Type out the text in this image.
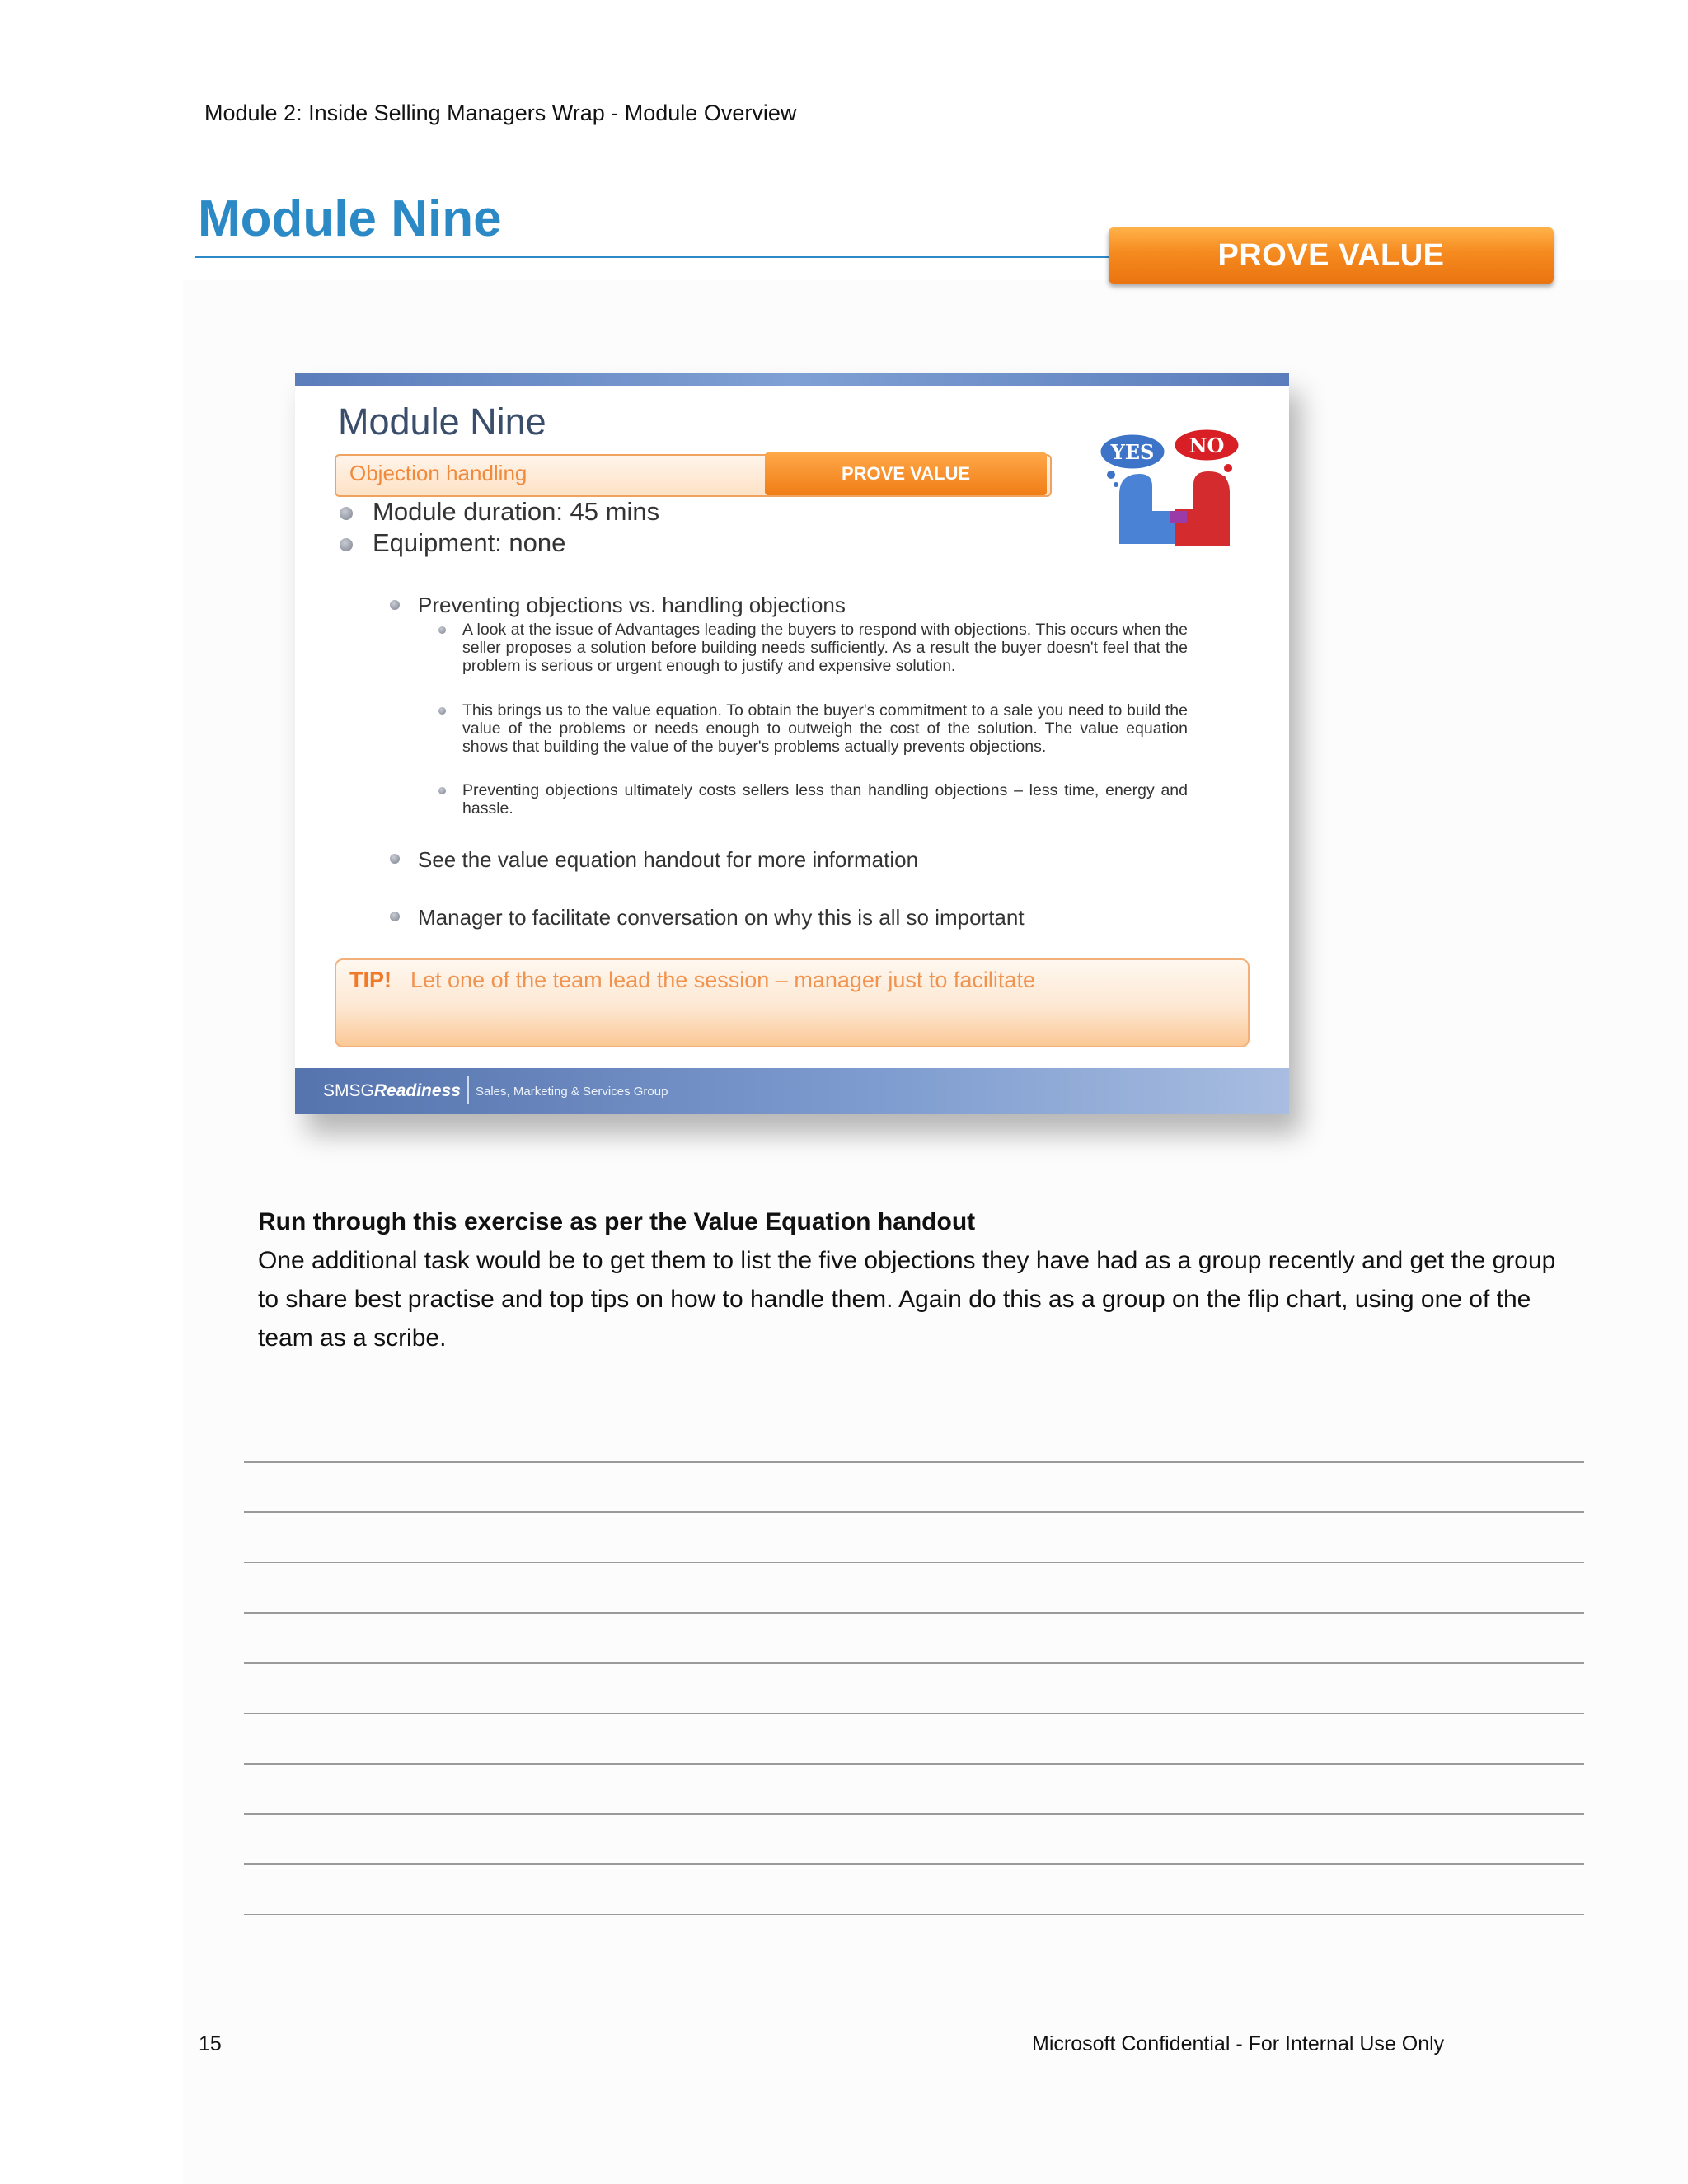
Module 2: Inside Selling Managers Wrap - Module Overview
Module Nine
PROVE VALUE
Module Nine
Objection handling	PROVE VALUE
YES NO
Module duration: 45 mins
Equipment: none
Preventing objections vs. handling objections
A look at the issue of Advantages leading the buyers to respond with objections. This occurs when the seller proposes a solution before building needs sufficiently. As a result the buyer doesn't feel that the problem is serious or urgent enough to justify and expensive solution.
This brings us to the value equation. To obtain the buyer's commitment to a sale you need to build the value of the problems or needs enough to outweigh the cost of the solution. The value equation shows that building the value of the buyer's problems actually prevents objections.
Preventing objections ultimately costs sellers less than handling objections – less time, energy and hassle.
See the value equation handout for more information
Manager to facilitate conversation on why this is all so important
TIP! Let one of the team lead the session – manager just to facilitate
SMSGReadiness Sales, Marketing & Services Group
Run through this exercise as per the Value Equation handout
One additional task would be to get them to list the five objections they have had as a group recently and get the group to share best practise and top tips on how to handle them. Again do this as a group on the flip chart, using one of the team as a scribe.
15	Microsoft Confidential - For Internal Use Only
